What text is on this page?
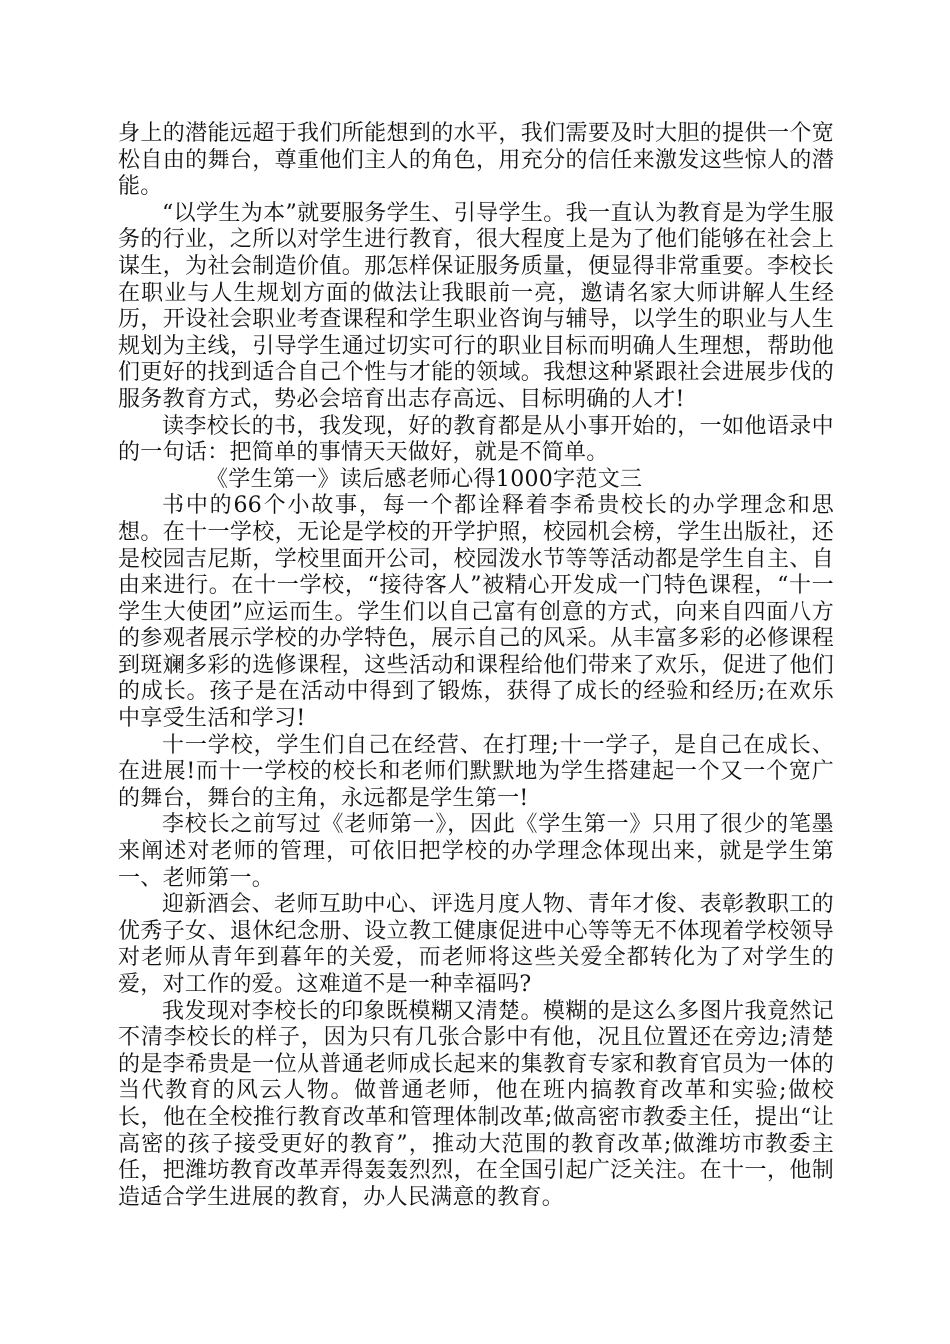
身上的潜能远超于我们所能想到的水平，我们需要及时大胆的提供一个宽松自由的舞台，尊重他们主人的角色，用充分的信任来激发这些惊人的潜能。

“以学生为本”就要服务学生、引导学生。我一直认为教育是为学生服务的行业，之所以对学生进行教育，很大程度上是为了他们能够在社会上谋生，为社会制造价值。那怎样保证服务质量，便显得非常重要。李校长在职业与人生规划方面的做法让我眼前一亮，邀请名家大师讲解人生经历，开设社会职业考查课程和学生职业咨询与辅导，以学生的职业与人生规划为主线，引导学生通过切实可行的职业目标而明确人生理想，帮助他们更好的找到适合自己个性与才能的领域。我想这种紧跟社会进展步伐的服务教育方式，势必会培育出志存高远、目标明确的人才!

读李校长的书，我发现，好的教育都是从小事开始的，一如他语录中的一句话：把简单的事情天天做好，就是不简单。

《学生第一》读后感老师心得1000字范文三

书中的66个小故事，每一个都诠释着李希贵校长的办学理念和思想。在十一学校，无论是学校的开学护照，校园机会榜，学生出版社，还是校园吉尼斯，学校里面开公司，校园泼水节等等活动都是学生自主、自由来进行。在十一学校，“接待客人”被精心开发成一门特色课程，“十一学生大使团”应运而生。学生们以自己富有创意的方式，向来自四面八方的参观者展示学校的办学特色，展示自己的风采。从丰富多彩的必修课程到斑斓多彩的选修课程，这些活动和课程给他们带来了欢乐，促进了他们的成长。孩子是在活动中得到了锻炼，获得了成长的经验和经历;在欢乐中享受生活和学习!

十一学校，学生们自己在经营、在打理;十一学子，是自己在成长、在进展!而十一学校的校长和老师们默默地为学生搭建起一个又一个宽广的舞台，舞台的主角，永远都是学生第一!

李校长之前写过《老师第一》，因此《学生第一》只用了很少的笔墨来阐述对老师的管理，可依旧把学校的办学理念体现出来，就是学生第一、老师第一。

迎新酒会、老师互助中心、评选月度人物、青年才俊、表彰教职工的优秀子女、退休纪念册、设立教工健康促进中心等等无不体现着学校领导对老师从青年到暮年的关爱，而老师将这些关爱全都转化为了对学生的爱，对工作的爱。这难道不是一种幸福吗?

我发现对李校长的印象既模糊又清楚。模糊的是这么多图片我竟然记不清李校长的样子，因为只有几张合影中有他，况且位置还在旁边;清楚的是李希贵是一位从普通老师成长起来的集教育专家和教育官员为一体的当代教育的风云人物。做普通老师，他在班内搞教育改革和实验;做校长，他在全校推行教育改革和管理体制改革;做高密市教委主任，提出“让高密的孩子接受更好的教育”，推动大范围的教育改革;做潍坊市教委主任，把潍坊教育改革弄得轰轰烈烈，在全国引起广泛关注。在十一，他制造适合学生进展的教育，办人民满意的教育。
